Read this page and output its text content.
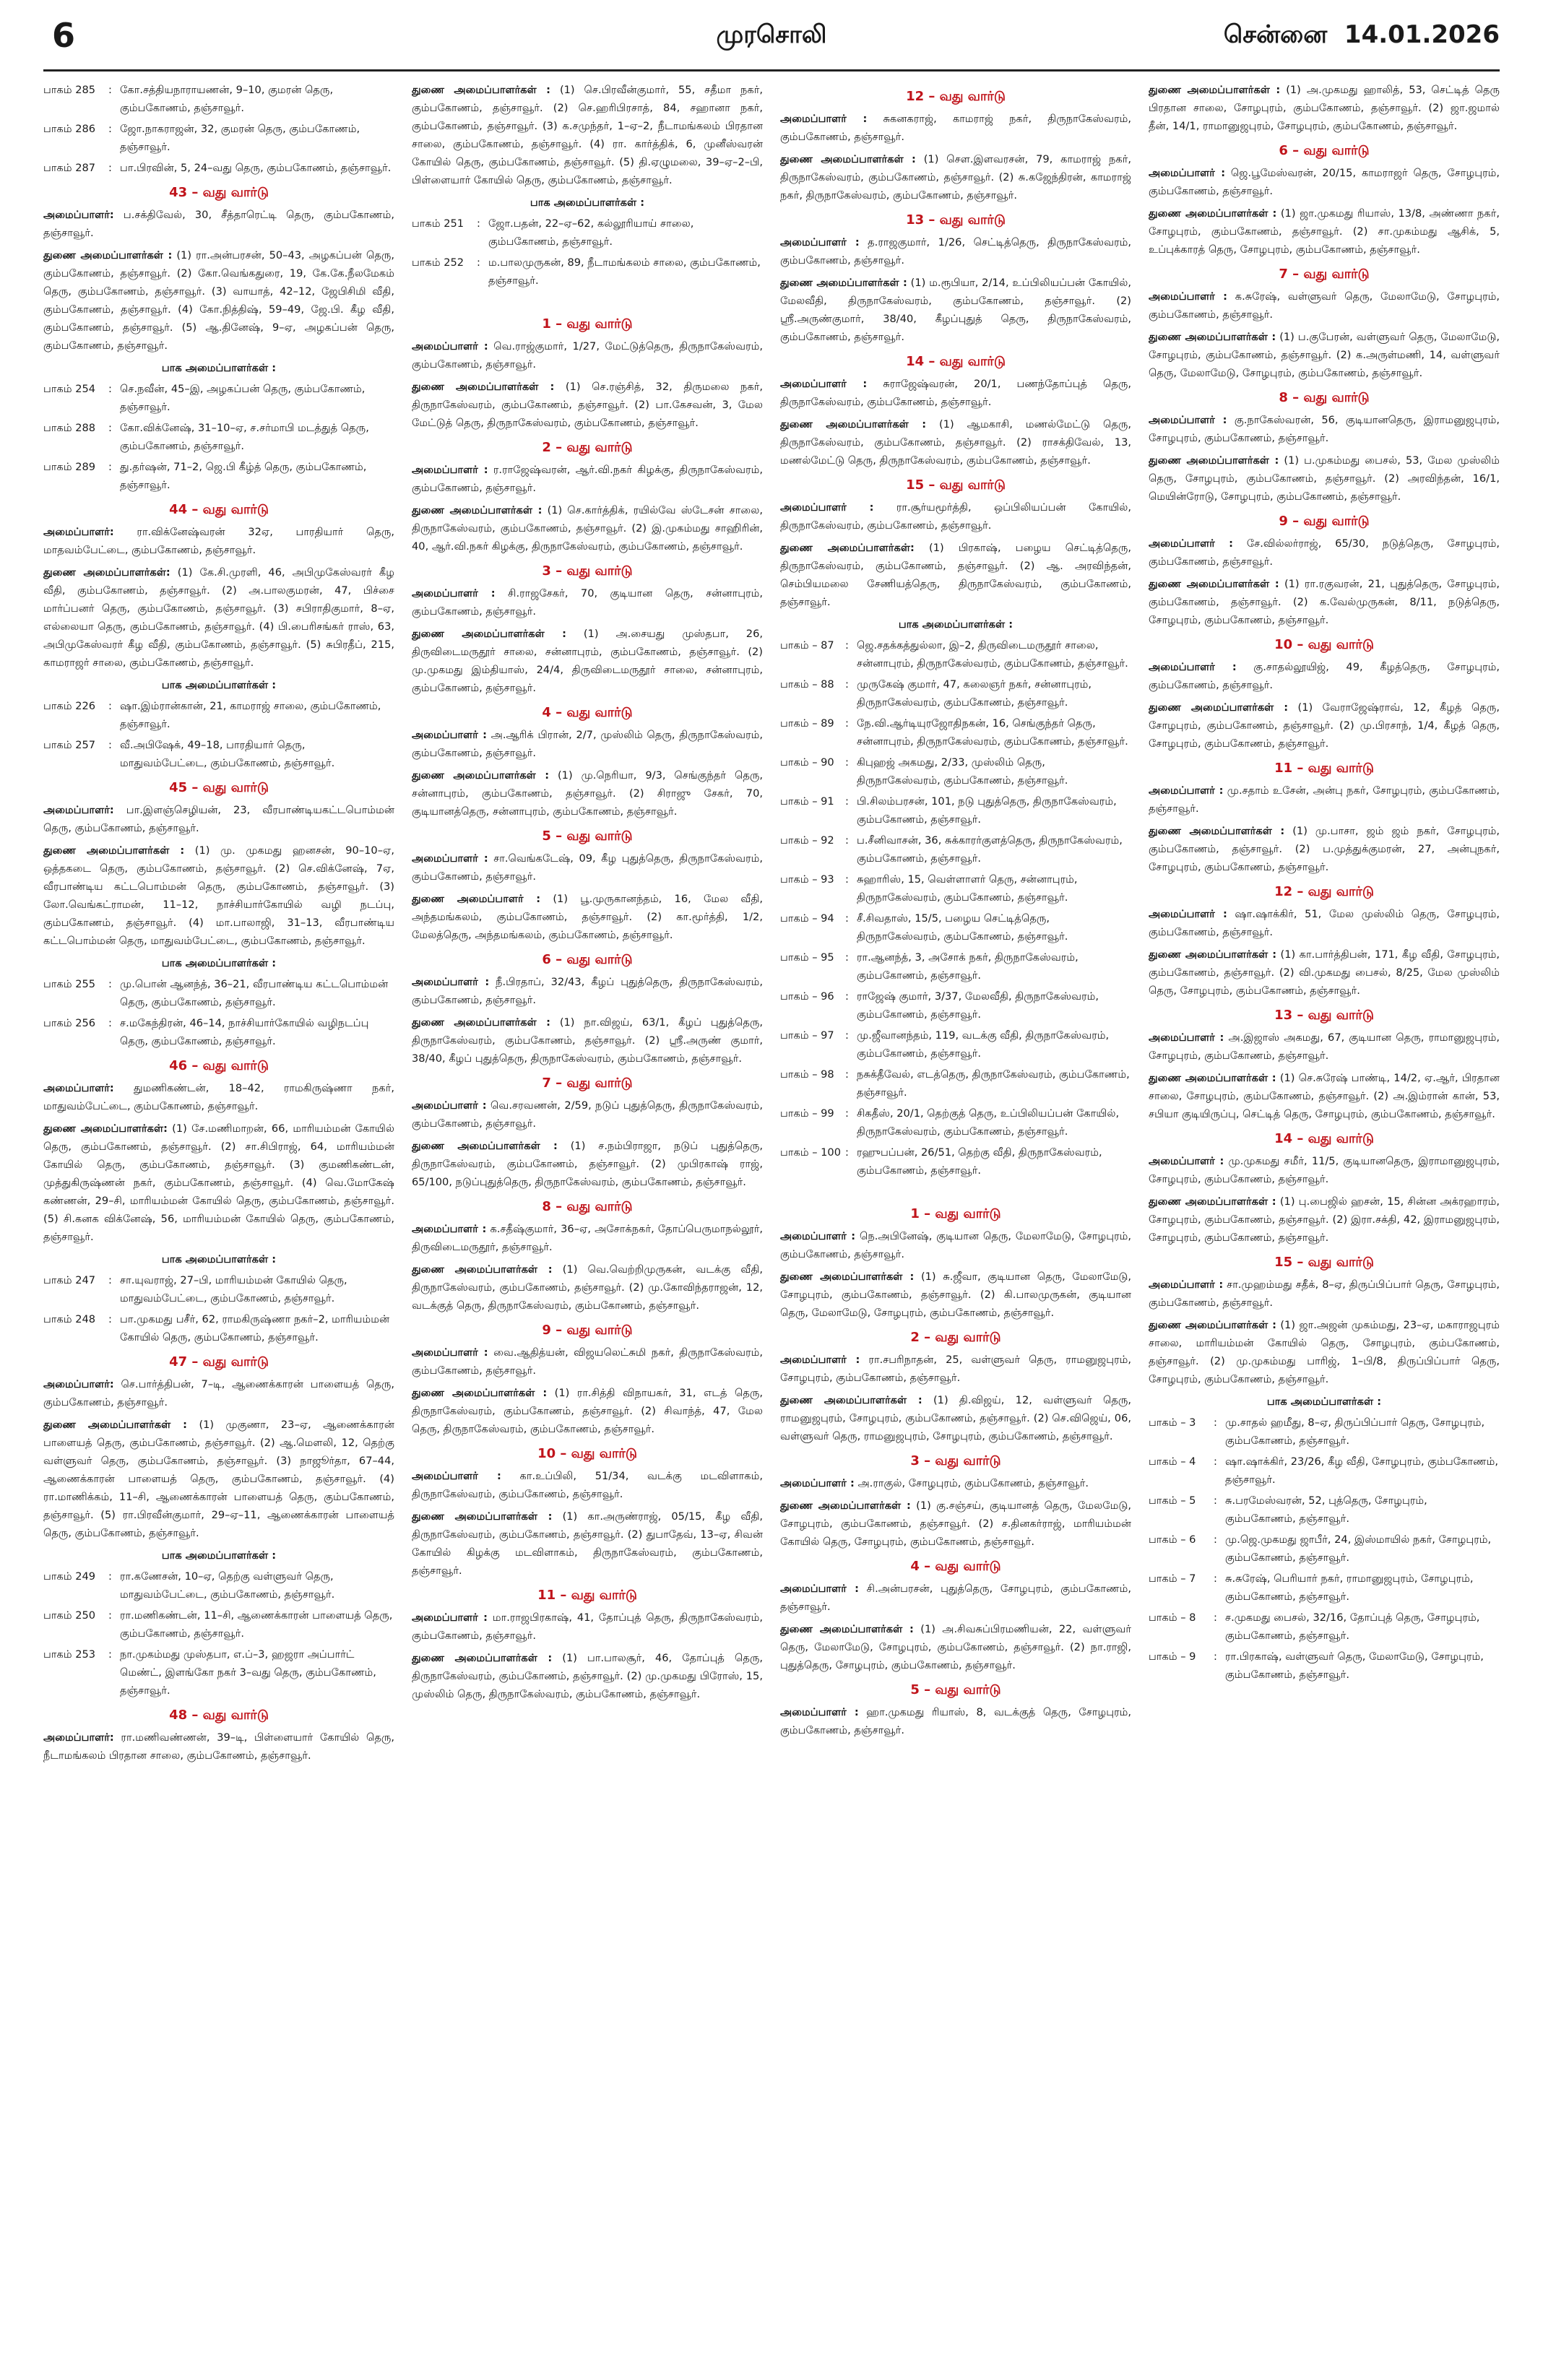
6	முரசொலி	சென்னை 14.01.2026
பாகம் 285	: கோ.சத்தியநாராயணன், 9–10, குமரன் தெரு, கும்பகோணம், தஞ்சாவூர்.
பாகம் 286	: ஜோ.நாகராஜன், 32, குமரன் தெரு, கும்பகோணம், தஞ்சாவூர்.
பாகம் 287	: பா.பிரவின், 5, 24–வது தெரு, கும்பகோணம், தஞ்சாவூர்.
43 – வது வார்டு
அமைப்பாளர்: ப.சக்திவேல், 30, சீத்தாரெட்டி தெரு, கும்பகோணம், தஞ்சாவூர்.
துணை அமைப்பாளர்கள் : (1) ரா.அன்பரசன், 50–43, அழகப்பன் தெரு, கும்பகோணம், தஞ்சாவூர். (2) கோ.வெங்கதுரை, 19, கே.கே.நீலமேகம் தெரு, கும்பகோணம், தஞ்சாவூர். (3) வாயாத், 42–12, ஜேபிசிமி வீதி, கும்பகோணம், தஞ்சாவூர். (4) கோ.நித்திஷ், 59–49, ஜே.பி. கீழ வீதி, கும்பகோணம், தஞ்சாவூர். (5) ஆ.தினேஷ், 9–ஏ, அழகப்பன் தெரு, கும்பகோணம், தஞ்சாவூர்.
பாக அமைப்பாளர்கள் :
பாகம் 254	: செ.நவீன், 45–இ, அழகப்பன் தெரு, கும்பகோணம், தஞ்சாவூர்.
பாகம் 288	: கோ.விக்னேஷ், 31–10–ஏ, ச.சர்மாபி மடத்துத் தெரு, கும்பகோணம், தஞ்சாவூர்.
பாகம் 289	: து.தர்ஷன், 71–2, ஜெ.பி கீழ்த் தெரு, கும்பகோணம், தஞ்சாவூர்.
44 – வது வார்டு
அமைப்பாளர்: ரா.விக்னேஷ்வரன் 32ஏ, பாரதியார் தெரு, மாதவம்பேட்டை, கும்பகோணம், தஞ்சாவூர்.
துணை அமைப்பாளர்கள்: (1) கே.சி.முரளி, 46, அபிமுகேஸ்வரர் கீழ வீதி, கும்பகோணம், தஞ்சாவூர். (2) அ.பாலகுமரன், 47, பிச்சை மார்ப்பனர் தெரு, கும்பகோணம், தஞ்சாவூர். (3) சபிராதிகுமார், 8–ஏ, எல்லையா தெரு, கும்பகோணம், தஞ்சாவூர். (4) பி.பைரிசங்கர் ராஸ், 63, அபிமுகேஸ்வரர் கீழ வீதி, கும்பகோணம், தஞ்சாவூர். (5) சுபிரதீப், 215, காமராஜர் சாலை, கும்பகோணம், தஞ்சாவூர்.
பாக அமைப்பாளர்கள் :
பாகம் 226	: ஷா.இம்ரான்கான், 21, காமராஜ் சாலை, கும்பகோணம், தஞ்சாவூர்.
பாகம் 257	: வீ.அபிஷேக், 49–18, பாரதியார் தெரு, மாதுவம்பேட்டை, கும்பகோணம், தஞ்சாவூர்.
45 – வது வார்டு
அமைப்பாளர்: பா.இளஞ்செழியன், 23, வீரபாண்டியகட்டபொம்மன் தெரு, கும்பகோணம், தஞ்சாவூர்.
துணை அமைப்பாளர்கள் : (1) மு. முகமது ஹனசன், 90–10–ஏ, ஒத்தகடை தெரு, கும்பகோணம், தஞ்சாவூர். (2) செ.விக்னேஷ், 7ஏ, வீரபாண்டிய கட்டபொம்மன் தெரு, கும்பகோணம், தஞ்சாவூர். (3) லோ.வெங்கட்ராமன், 11–12, நாச்சியார்கோயில் வழி நடப்பு, கும்பகோணம், தஞ்சாவூர். (4) மா.பாலாஜி, 31–13, வீரபாண்டிய கட்டபொம்மன் தெரு, மாதுவம்பேட்டை, கும்பகோணம், தஞ்சாவூர்.
பாக அமைப்பாளர்கள் :
பாகம் 255	: மு.பொன் ஆனந்த், 36–21, வீரபாண்டிய கட்டபொம்மன் தெரு, கும்பகோணம், தஞ்சாவூர்.
பாகம் 256	: ச.மகேந்திரன், 46–14, நாச்சியார்கோயில் வழிநடப்பு தெரு, கும்பகோணம், தஞ்சாவூர்.
46 – வது வார்டு
அமைப்பாளர்: துமணிகண்டன், 18–42, ராமகிருஷ்ணா நகர், மாதுவம்பேட்டை, கும்பகோணம், தஞ்சாவூர்.
துணை அமைப்பாளர்கள்: (1) சே.மணிமாறன், 66, மாரியம்மன் கோயில் தெரு, கும்பகோணம், தஞ்சாவூர். (2) சா.சிபிராஜ், 64, மாரியம்மன் கோயில் தெரு, கும்பகோணம், தஞ்சாவூர். (3) குமணிகண்டன், முத்துகிருஷ்ணன் நகர், கும்பகோணம், தஞ்சாவூர். (4) வெ.மோகேஷ் கண்ணன், 29–சி, மாரியம்மன் கோயில் தெரு, கும்பகோணம், தஞ்சாவூர். (5) சி.கனக விக்னேஷ், 56, மாரியம்மன் கோயில் தெரு, கும்பகோணம், தஞ்சாவூர்.
பாக அமைப்பாளர்கள் :
பாகம் 247	: சா.யுவராஜ், 27–பி, மாரியம்மன் கோயில் தெரு, மாதுவம்பேட்டை, கும்பகோணம், தஞ்சாவூர்.
பாகம் 248	: பா.முகமது பசீர், 62, ராமகிருஷ்ணா நகர்–2, மாரியம்மன் கோயில் தெரு, கும்பகோணம், தஞ்சாவூர்.
47 – வது வார்டு
அமைப்பாளர்: செ.பார்த்திபன், 7–டி, ஆணைக்காரன் பாளையத் தெரு, கும்பகோணம், தஞ்சாவூர்.
துணை அமைப்பாளர்கள் : (1) முகுணா, 23–ஏ, ஆணைக்காரன் பாளையத் தெரு, கும்பகோணம், தஞ்சாவூர். (2) ஆ.மெளலி, 12, தெற்கு வள்ளுவர் தெரு, கும்பகோணம், தஞ்சாவூர். (3) நாஜூர்தா, 67–44, ஆணைக்காரன் பாளையத் தெரு, கும்பகோணம், தஞ்சாவூர். (4) ரா.மாணிக்கம், 11–சி, ஆணைக்காரன் பாளையத் தெரு, கும்பகோணம், தஞ்சாவூர். (5) ரா.பிரவீன்குமார், 29–ஏ–11, ஆணைக்காரன் பாளையத் தெரு, கும்பகோணம், தஞ்சாவூர்.
பாக அமைப்பாளர்கள் :
பாகம் 249	: ரா.கணேசன், 10–ஏ, தெற்கு வள்ளுவர் தெரு, மாதுவம்பேட்டை, கும்பகோணம், தஞ்சாவூர்.
பாகம் 250	: ரா.மணிகண்டன், 11–சி, ஆணைக்காரன் பாளையத் தெரு, கும்பகோணம், தஞ்சாவூர்.
பாகம் 253	: நா.முகம்மது முஸ்தபா, எ.ப்–3, ஹஜரா அப்பார்ட் மெண்ட், இளங்கோ நகர் 3–வது தெரு, கும்பகோணம், தஞ்சாவூர்.
48 – வது வார்டு
அமைப்பாளர்: ரா.மணிவண்ணன், 39–டி, பிள்ளையார் கோயில் தெரு, நீடாமங்கலம் பிரதான சாலை, கும்பகோணம், தஞ்சாவூர்.
துணை அமைப்பாளர்கள் : (1) செ.பிரவீன்குமார், 55, சதீமா நகர், கும்பகோணம், தஞ்சாவூர். (2) செ.ஹரிபிரசாத், 84, சஹானா நகர், கும்பகோணம், தஞ்சாவூர். (3) க.சமுந்தர், 1–ஏ–2, நீடாமங்கலம் பிரதான சாலை, கும்பகோணம், தஞ்சாவூர். (4) ரா. கார்த்திக், 6, முனீஸ்வரன் கோயில் தெரு, கும்பகோணம், தஞ்சாவூர். (5) தி.ஏழுமலை, 39–ஏ–2–பி, பிள்ளையார் கோயில் தெரு, கும்பகோணம், தஞ்சாவூர்.
பாக அமைப்பாளர்கள் :
பாகம் 251	: ஜோ.பதன், 22–ஏ–62, கல்லூரியாய் சாலை, கும்பகோணம், தஞ்சாவூர்.
பாகம் 252	: ம.பாலமுருகன், 89, நீடாமங்கலம் சாலை, கும்பகோணம், தஞ்சாவூர்.
1 – வது வார்டு
அமைப்பாளர் : வெ.ராஜ்குமார், 1/27, மேட்டுத்தெரு, திருநாகேஸ்வரம், கும்பகோணம், தஞ்சாவூர்.
துணை அமைப்பாளர்கள் : (1) செ.ரஞ்சித், 32, திருமலை நகர், திருநாகேஸ்வரம், கும்பகோணம், தஞ்சாவூர். (2) பா.கேசவன், 3, மேல மேட்டுத் தெரு, திருநாகேஸ்வரம், கும்பகோணம், தஞ்சாவூர்.
2 – வது வார்டு
அமைப்பாளர் : ர.ராஜேஷ்வரன், ஆர்.வி.நகர் கிழக்கு, திருநாகேஸ்வரம், கும்பகோணம், தஞ்சாவூர்.
துணை அமைப்பாளர்கள் : (1) செ.கார்த்திக், ரயில்வே ஸ்டேசன் சாலை, திருநாகேஸ்வரம், கும்பகோணம், தஞ்சாவூர். (2) இ.முகம்மது சாஹிரின், 40, ஆர்.வி.நகர் கிழக்கு, திருநாகேஸ்வரம், கும்பகோணம், தஞ்சாவூர்.
3 – வது வார்டு
அமைப்பாளர் : சி.ராஜசேகர், 70, குடியான தெரு, சன்னாபுரம், கும்பகோணம், தஞ்சாவூர்.
துணை அமைப்பாளர்கள் : (1) அ.சையது முஸ்தபா, 26, திருவிடைமருதூர் சாலை, சன்னாபுரம், கும்பகோணம், தஞ்சாவூர். (2) மு.முகமது இம்தியாஸ், 24/4, திருவிடைமருதூர் சாலை, சன்னாபுரம், கும்பகோணம், தஞ்சாவூர்.
4 – வது வார்டு
அமைப்பாளர் : அ.ஆரிக் பிரான், 2/7, முஸ்லிம் தெரு, திருநாகேஸ்வரம், கும்பகோணம், தஞ்சாவூர்.
துணை அமைப்பாளர்கள் : (1) மு.நெரியா, 9/3, செங்குந்தர் தெரு, சன்னாபுரம், கும்பகோணம், தஞ்சாவூர். (2) சிராஜு சேகர், 70, குடியானத்தெரு, சன்னாபுரம், கும்பகோணம், தஞ்சாவூர்.
5 – வது வார்டு
அமைப்பாளர் : சா.வெங்கடேஷ், 09, கீழ புதுத்தெரு, திருநாகேஸ்வரம், கும்பகோணம், தஞ்சாவூர்.
துணை அமைப்பாளர் : (1) பூ.முருகானந்தம், 16, மேல வீதி, அந்தமங்கலம், கும்பகோணம், தஞ்சாவூர். (2) கா.மூர்த்தி, 1/2, மேலத்தெரு, அந்தமங்கலம், கும்பகோணம், தஞ்சாவூர்.
6 – வது வார்டு
அமைப்பாளர் : நீ.பிரதாப், 32/43, கீழப் புதுத்தெரு, திருநாகேஸ்வரம், கும்பகோணம், தஞ்சாவூர்.
துணை அமைப்பாளர்கள் : (1) நா.விஜய், 63/1, கீழப் புதுத்தெரு, திருநாகேஸ்வரம், கும்பகோணம், தஞ்சாவூர். (2) ஸ்ரீ.அருண் குமார், 38/40, கீழப் புதுத்தெரு, திருநாகேஸ்வரம், கும்பகோணம், தஞ்சாவூர்.
7 – வது வார்டு
அமைப்பாளர் : வெ.சரவணன், 2/59, நடுப் புதுத்தெரு, திருநாகேஸ்வரம், கும்பகோணம், தஞ்சாவூர்.
துணை அமைப்பாளர்கள் : (1) ச.நம்பிராஜா, நடுப் புதுத்தெரு, திருநாகேஸ்வரம், கும்பகோணம், தஞ்சாவூர். (2) முபிரகாஷ் ராஜ், 65/100, நடுப்புதுத்தெரு, திருநாகேஸ்வரம், கும்பகோணம், தஞ்சாவூர்.
8 – வது வார்டு
அமைப்பாளர் : க.சதீஷ்குமார், 36–ஏ, அசோக்நகர், தோப்பெருமாநல்லூர், திருவிடைமருதூர், தஞ்சாவூர்.
துணை அமைப்பாளர்கள் : (1) வெ.வெற்றிமுருகன், வடக்கு வீதி, திருநாகேஸ்வரம், கும்பகோணம், தஞ்சாவூர். (2) மு.கோவிந்தராஜன், 12, வடக்குத் தெரு, திருநாகேஸ்வரம், கும்பகோணம், தஞ்சாவூர்.
9 – வது வார்டு
அமைப்பாளர் : வை.ஆதித்யன், விஜயலெட்சுமி நகர், திருநாகேஸ்வரம், கும்பகோணம், தஞ்சாவூர்.
துணை அமைப்பாளர்கள் : (1) ரா.சித்தி விநாயகர், 31, எடத் தெரு, திருநாகேஸ்வரம், கும்பகோணம், தஞ்சாவூர். (2) சிவாந்த், 47, மேல தெரு, திருநாகேஸ்வரம், கும்பகோணம், தஞ்சாவூர்.
10 – வது வார்டு
அமைப்பாளர் : கா.உப்பிலி, 51/34, வடக்கு மடவிளாகம், திருநாகேஸ்வரம், கும்பகோணம், தஞ்சாவூர்.
துணை அமைப்பாளர்கள் : (1) கா.அருண்ராஜ், 05/15, கீழ வீதி, திருநாகேஸ்வரம், கும்பகோணம், தஞ்சாவூர். (2) துபாதேவ், 13–ஏ, சிவன் கோயில் கிழக்கு மடவிளாகம், திருநாகேஸ்வரம், கும்பகோணம், தஞ்சாவூர்.
11 – வது வார்டு
அமைப்பாளர் : மா.ராஜபிரகாஷ், 41, தோப்புத் தெரு, திருநாகேஸ்வரம், கும்பகோணம், தஞ்சாவூர்.
துணை அமைப்பாளர்கள் : (1) பா.பாலசூர், 46, தோப்புத் தெரு, திருநாகேஸ்வரம், கும்பகோணம், தஞ்சாவூர். (2) மு.முகமது பிரோஸ், 15, முஸ்லிம் தெரு, திருநாகேஸ்வரம், கும்பகோணம், தஞ்சாவூர்.
12 – வது வார்டு
அமைப்பாளர் : சுகனகராஜ், காமராஜ் நகர், திருநாகேஸ்வரம், கும்பகோணம், தஞ்சாவூர்.
துணை அமைப்பாளர்கள் : (1) செள.இளவரசன், 79, காமராஜ் நகர், திருநாகேஸ்வரம், கும்பகோணம், தஞ்சாவூர். (2) சு.கஜேந்திரன், காமராஜ் நகர், திருநாகேஸ்வரம், கும்பகோணம், தஞ்சாவூர்.
13 – வது வார்டு
அமைப்பாளர் : த.ராஜகுமார், 1/26, செட்டித்தெரு, திருநாகேஸ்வரம், கும்பகோணம், தஞ்சாவூர்.
துணை அமைப்பாளர்கள் : (1) ம.ரூபியா, 2/14, உப்பிலியப்பன் கோயில், மேலவீதி, திருநாகேஸ்வரம், கும்பகோணம், தஞ்சாவூர். (2) ஸ்ரீ.அருண்குமார், 38/40, கீழப்புதுத் தெரு, திருநாகேஸ்வரம், கும்பகோணம், தஞ்சாவூர்.
14 – வது வார்டு
அமைப்பாளர் : சுராஜேஷ்வரன், 20/1, பணந்தோப்புத் தெரு, திருநாகேஸ்வரம், கும்பகோணம், தஞ்சாவூர்.
துணை அமைப்பாளர்கள் : (1) ஆமகாசி, மணல்மேட்டு தெரு, திருநாகேஸ்வரம், கும்பகோணம், தஞ்சாவூர். (2) ராசக்திவேல், 13, மணல்மேட்டு தெரு, திருநாகேஸ்வரம், கும்பகோணம், தஞ்சாவூர்.
15 – வது வார்டு
அமைப்பாளர் : ரா.சூர்யமூர்த்தி, ஒப்பிலியப்பன் கோயில், திருநாகேஸ்வரம், கும்பகோணம், தஞ்சாவூர்.
துணை அமைப்பாளர்கள்: (1) பிரகாஷ், பழைய செட்டித்தெரு, திருநாகேஸ்வரம், கும்பகோணம், தஞ்சாவூர். (2) ஆ. அரவிந்தன், செம்பியமலை சேணியத்தெரு, திருநாகேஸ்வரம், கும்பகோணம், தஞ்சாவூர்.
பாக அமைப்பாளர்கள் :
பாகம் – 87	: ஜெ.சதக்கத்துல்லா, இ–2, திருவிடைமருதூர் சாலை, சன்னாபுரம், திருநாகேஸ்வரம், கும்பகோணம், தஞ்சாவூர்.
பாகம் – 88	: முருகேஷ் குமார், 47, கலைஞர் நகர், சன்னாபுரம், திருநாகேஸ்வரம், கும்பகோணம், தஞ்சாவூர்.
பாகம் – 89	: நே.வி.ஆர்டியுரஜோதிநகன், 16, செங்குந்தர் தெரு, சன்னாபுரம், திருநாகேஸ்வரம், கும்பகோணம், தஞ்சாவூர்.
பாகம் – 90	: கிபுஹஜ் அகமது, 2/33, முஸ்லிம் தெரு, திருநாகேஸ்வரம், கும்பகோணம், தஞ்சாவூர்.
பாகம் – 91	: பி.சிலம்பரசன், 101, நடு புதுத்தெரு, திருநாகேஸ்வரம், கும்பகோணம், தஞ்சாவூர்.
பாகம் – 92	: ப.சீனிவாசன், 36, சுக்காரர்குளத்தெரு, திருநாகேஸ்வரம், கும்பகோணம், தஞ்சாவூர்.
பாகம் – 93	: சுஹாரிஸ், 15, வெள்ளாளர் தெரு, சன்னாபுரம், திருநாகேஸ்வரம், கும்பகோணம், தஞ்சாவூர்.
பாகம் – 94	: சீ.சிவதாஸ், 15/5, பழைய செட்டித்தெரு, திருநாகேஸ்வரம், கும்பகோணம், தஞ்சாவூர்.
பாகம் – 95	: ரா.ஆனந்த், 3, அசோக் நகர், திருநாகேஸ்வரம், கும்பகோணம், தஞ்சாவூர்.
பாகம் – 96	: ராஜேஷ் குமார், 3/37, மேலவீதி, திருநாகேஸ்வரம், கும்பகோணம், தஞ்சாவூர்.
பாகம் – 97	: மு.ஜீவானந்தம், 119, வடக்கு வீதி, திருநாகேஸ்வரம், கும்பகோணம், தஞ்சாவூர்.
பாகம் – 98	: நசுக்தீவேல், எடத்தெரு, திருநாகேஸ்வரம், கும்பகோணம், தஞ்சாவூர்.
பாகம் – 99	: சிகதீஸ், 20/1, தெற்குத் தெரு, உப்பிலியப்பன் கோயில், திருநாகேஸ்வரம், கும்பகோணம், தஞ்சாவூர்.
பாகம் – 100 : ரஹுபப்பன், 26/51, தெற்கு வீதி, திருநாகேஸ்வரம், கும்பகோணம், தஞ்சாவூர்.
1 – வது வார்டு
அமைப்பாளர் : நெ.அபினேஷ், குடியான தெரு, மேலாமேடு, சோழபுரம், கும்பகோணம், தஞ்சாவூர்.
துணை அமைப்பாளர்கள் : (1) சு.ஜீவா, குடியான தெரு, மேலாமேடு, சோழபுரம், கும்பகோணம், தஞ்சாவூர். (2) கி.பாலமுருகன், குடியான தெரு, மேலாமேடு, சோழபுரம், கும்பகோணம், தஞ்சாவூர்.
2 – வது வார்டு
அமைப்பாளர் : ரா.சபரிநாதன், 25, வள்ளுவர் தெரு, ராமனுஜபுரம், சோழபுரம், கும்பகோணம், தஞ்சாவூர்.
துணை அமைப்பாளர்கள் : (1) தி.விஜய், 12, வள்ளுவர் தெரு, ராமனுஜபுரம், சோழபுரம், கும்பகோணம், தஞ்சாவூர். (2) செ.விஜெய், 06, வள்ளுவர் தெரு, ராமனுஜபுரம், சோழபுரம், கும்பகோணம், தஞ்சாவூர்.
3 – வது வார்டு
அமைப்பாளர் : அ.ராகுல், சோழபுரம், கும்பகோணம், தஞ்சாவூர்.
துணை அமைப்பாளர்கள் : (1) கு.சஞ்சய், குடியானத் தெரு, மேலமேடு, சோழபுரம், கும்பகோணம், தஞ்சாவூர். (2) ச.தினகர்ராஜ், மாரியம்மன் கோயில் தெரு, சோழபுரம், கும்பகோணம், தஞ்சாவூர்.
4 – வது வார்டு
அமைப்பாளர் : சி.அன்பரசன், புதுத்தெரு, சோழபுரம், கும்பகோணம், தஞ்சாவூர்.
துணை அமைப்பாளர்கள் : (1) அ.சிவசுப்பிரமணியன், 22, வள்ளுவர் தெரு, மேலாமேடு, சோழபுரம், கும்பகோணம், தஞ்சாவூர். (2) நா.ராஜி, புதுத்தெரு, சோழபுரம், கும்பகோணம், தஞ்சாவூர்.
5 – வது வார்டு
அமைப்பாளர் : ஹா.முகமது ரியாஸ், 8, வடக்குத் தெரு, சோழபுரம், கும்பகோணம், தஞ்சாவூர்.
துணை அமைப்பாளர்கள் : (1) அ.முகமது ஹாலித், 53, செட்டித் தெரு பிரதான சாலை, சோழபுரம், கும்பகோணம், தஞ்சாவூர். (2) ஜா.ஜமால் தீன், 14/1, ராமானுஜபுரம், சோழபுரம், கும்பகோணம், தஞ்சாவூர்.
6 – வது வார்டு
அமைப்பாளர் : ஜெ.பூமேஸ்வரன், 20/15, காமராஜர் தெரு, சோழபுரம், கும்பகோணம், தஞ்சாவூர்.
துணை அமைப்பாளர்கள் : (1) ஜா.முகமது ரியாஸ், 13/8, அண்ணா நகர், சோழபுரம், கும்பகோணம், தஞ்சாவூர். (2) சா.முகம்மது ஆசிக், 5, உப்புக்காரத் தெரு, சோழபுரம், கும்பகோணம், தஞ்சாவூர்.
7 – வது வார்டு
அமைப்பாளர் : க.சுரேஷ், வள்ளுவர் தெரு, மேலாமேடு, சோழபுரம், கும்பகோணம், தஞ்சாவூர்.
துணை அமைப்பாளர்கள் : (1) ப.குபேரன், வள்ளுவர் தெரு, மேலாமேடு, சோழபுரம், கும்பகோணம், தஞ்சாவூர். (2) க.அருள்மணி, 14, வள்ளுவர் தெரு, மேலாமேடு, சோழபுரம், கும்பகோணம், தஞ்சாவூர்.
8 – வது வார்டு
அமைப்பாளர் : கு.நாகேஸ்வரன், 56, குடியானதெரு, இராமனுஜபுரம், சோழபுரம், கும்பகோணம், தஞ்சாவூர்.
துணை அமைப்பாளர்கள் : (1) ப.முகம்மது பைசல், 53, மேல முஸ்லிம் தெரு, சோழபுரம், கும்பகோணம், தஞ்சாவூர். (2) அரவிந்தன், 16/1, மெயின்ரோடு, சோழபுரம், கும்பகோணம், தஞ்சாவூர்.
9 – வது வார்டு
அமைப்பாளர் : சே.வில்லர்ராஜ், 65/30, நடுத்தெரு, சோழபுரம், கும்பகோணம், தஞ்சாவூர்.
துணை அமைப்பாளர்கள் : (1) ரா.ரகுவரன், 21, புதுத்தெரு, சோழபுரம், கும்பகோணம், தஞ்சாவூர். (2) க.வேல்முருகன், 8/11, நடுத்தெரு, சோழபுரம், கும்பகோணம், தஞ்சாவூர்.
10 – வது வார்டு
அமைப்பாளர் : கு.சாதல்லூயிஜ், 49, கீழத்தெரு, சோழபுரம், கும்பகோணம், தஞ்சாவூர்.
துணை அமைப்பாளர்கள் : (1) வேராஜேஷ்ராவ், 12, கீழத் தெரு, சோழபுரம், கும்பகோணம், தஞ்சாவூர். (2) மு.பிரசாந், 1/4, கீழத் தெரு, சோழபுரம், கும்பகோணம், தஞ்சாவூர்.
11 – வது வார்டு
அமைப்பாளர் : மு.சதாம் உசேன், அன்பு நகர், சோழபுரம், கும்பகோணம், தஞ்சாவூர்.
துணை அமைப்பாளர்கள் : (1) மு.பாசா, ஜம் ஜம் நகர், சோழபுரம், கும்பகோணம், தஞ்சாவூர். (2) ப.முத்துக்குமரன், 27, அன்புநகர், சோழபுரம், கும்பகோணம், தஞ்சாவூர்.
12 – வது வார்டு
அமைப்பாளர் : ஷா.ஷாக்கிர், 51, மேல முஸ்லிம் தெரு, சோழபுரம், கும்பகோணம், தஞ்சாவூர்.
துணை அமைப்பாளர்கள் : (1) கா.பார்த்திபன், 171, கீழ வீதி, சோழபுரம், கும்பகோணம், தஞ்சாவூர். (2) வி.முகமது பைசல், 8/25, மேல முஸ்லிம் தெரு, சோழபுரம், கும்பகோணம், தஞ்சாவூர்.
13 – வது வார்டு
அமைப்பாளர் : அ.இஜாஸ் அகமது, 67, குடியான தெரு, ராமானுஜபுரம், சோழபுரம், கும்பகோணம், தஞ்சாவூர்.
துணை அமைப்பாளர்கள் : (1) செ.சுரேஷ் பாண்டி, 14/2, ஏ.ஆர், பிரதான சாலை, சோழபுரம், கும்பகோணம், தஞ்சாவூர். (2) அ.இம்ரான் கான், 53, சபியா குடியிருப்பு, செட்டித் தெரு, சோழபுரம், கும்பகோணம், தஞ்சாவூர்.
14 – வது வார்டு
அமைப்பாளர் : மு.முகமது சமீர், 11/5, குடியானதெரு, இராமானுஜபுரம், சோழபுரம், கும்பகோணம், தஞ்சாவூர்.
துணை அமைப்பாளர்கள் : (1) பு.பைஜில் ஹசன், 15, சின்ன அக்ரஹாரம், சோழபுரம், கும்பகோணம், தஞ்சாவூர். (2) இரா.சக்தி, 42, இராமனுஜபுரம், சோழபுரம், கும்பகோணம், தஞ்சாவூர்.
15 – வது வார்டு
அமைப்பாளர் : சா.முஹம்மது சதீக், 8–ஏ, திருப்பிப்பார் தெரு, சோழபுரம், கும்பகோணம், தஞ்சாவூர்.
துணை அமைப்பாளர்கள் : (1) ஜா.அஜன் முகம்மது, 23–ஏ, மகாராஜபுரம் சாலை, மாரியம்மன் கோயில் தெரு, சோழபுரம், கும்பகோணம், தஞ்சாவூர். (2) மு.முகம்மது பாரிஜ், 1–பி/8, திருப்பிப்பார் தெரு, சோழபுரம், கும்பகோணம், தஞ்சாவூர்.
பாக அமைப்பாளர்கள் :
பாகம் – 3	: மு.சாதல் ஹமீது, 8–ஏ, திருப்பிப்பார் தெரு, சோழபுரம், கும்பகோணம், தஞ்சாவூர்.
பாகம் – 4	: ஷா.ஷாக்கிர், 23/26, கீழ வீதி, சோழபுரம், கும்பகோணம், தஞ்சாவூர்.
பாகம் – 5	: சு.பரமேஸ்வரன், 52, புத்தெரு, சோழபுரம், கும்பகோணம், தஞ்சாவூர்.
பாகம் – 6	: மு.ஜெ.முகமது ஜாபீர், 24, இஸ்மாயில் நகர், சோழபுரம், கும்பகோணம், தஞ்சாவூர்.
பாகம் – 7	: சு.சுரேஷ், பெரியார் நகர், ராமானுஜபுரம், சோழபுரம், கும்பகோணம், தஞ்சாவூர்.
பாகம் – 8	: ச.முகமது பைசல், 32/16, தோப்புத் தெரு, சோழபுரம், கும்பகோணம், தஞ்சாவூர்.
பாகம் – 9	: ரா.பிரகாஷ், வள்ளுவர் தெரு, மேலாமேடு, சோழபுரம், கும்பகோணம், தஞ்சாவூர்.
